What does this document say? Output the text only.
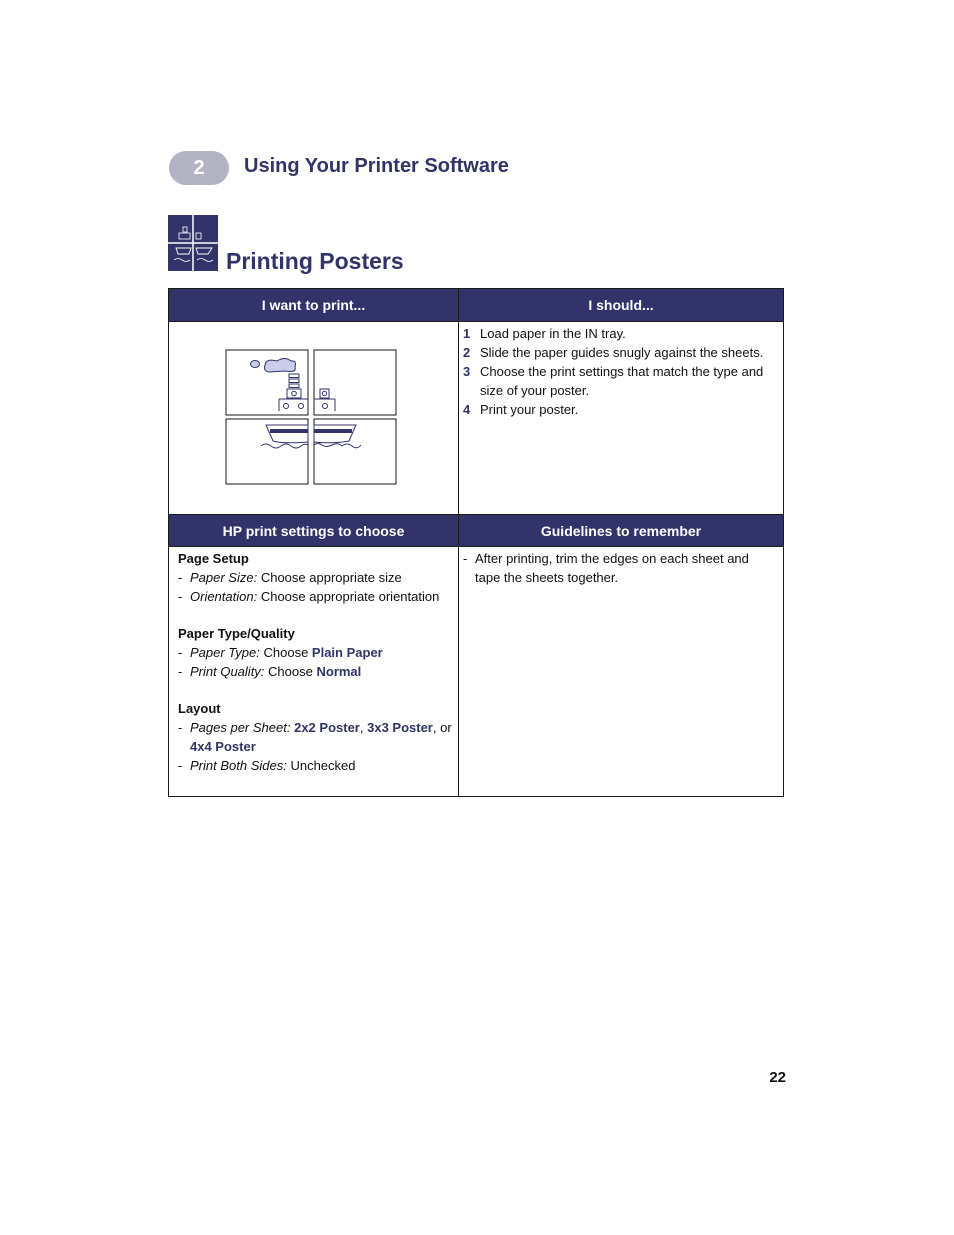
2 Using Your Printer Software
Printing Posters
I want to print...	I should...
1 Load paper in the IN tray.
2 Slide the paper guides snugly against the sheets.
3 Choose the print settings that match the type and size of your poster.
4 Print your poster.
HP print settings to choose	Guidelines to remember
Page Setup
- Paper Size: Choose appropriate size
- Orientation: Choose appropriate orientation
Paper Type/Quality
- Paper Type: Choose Plain Paper
- Print Quality: Choose Normal
Layout
- Pages per Sheet: 2x2 Poster, 3x3 Poster, or 4x4 Poster
- Print Both Sides: Unchecked
- After printing, trim the edges on each sheet and tape the sheets together.
22
